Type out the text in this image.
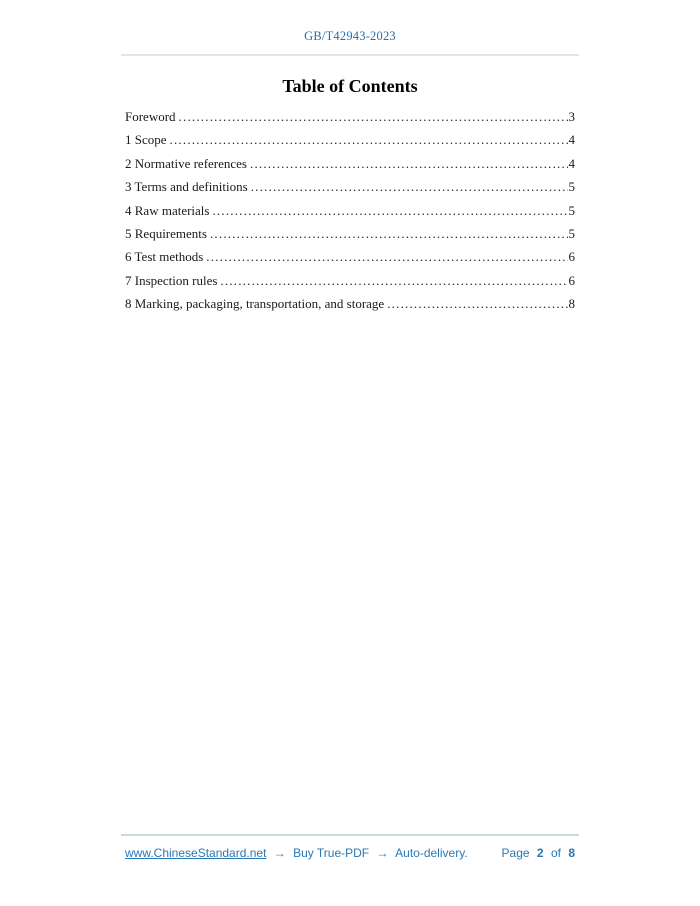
GB/T42943-2023
Table of Contents
Foreword .....	3
1 Scope .....	4
2 Normative references .....	4
3 Terms and definitions .....	5
4 Raw materials .....	5
5 Requirements .....	5
6 Test methods .....	6
7 Inspection rules .....	6
8 Marking, packaging, transportation, and storage .....	8
www.ChineseStandard.net → Buy True-PDF → Auto-delivery.	Page 2 of 8
